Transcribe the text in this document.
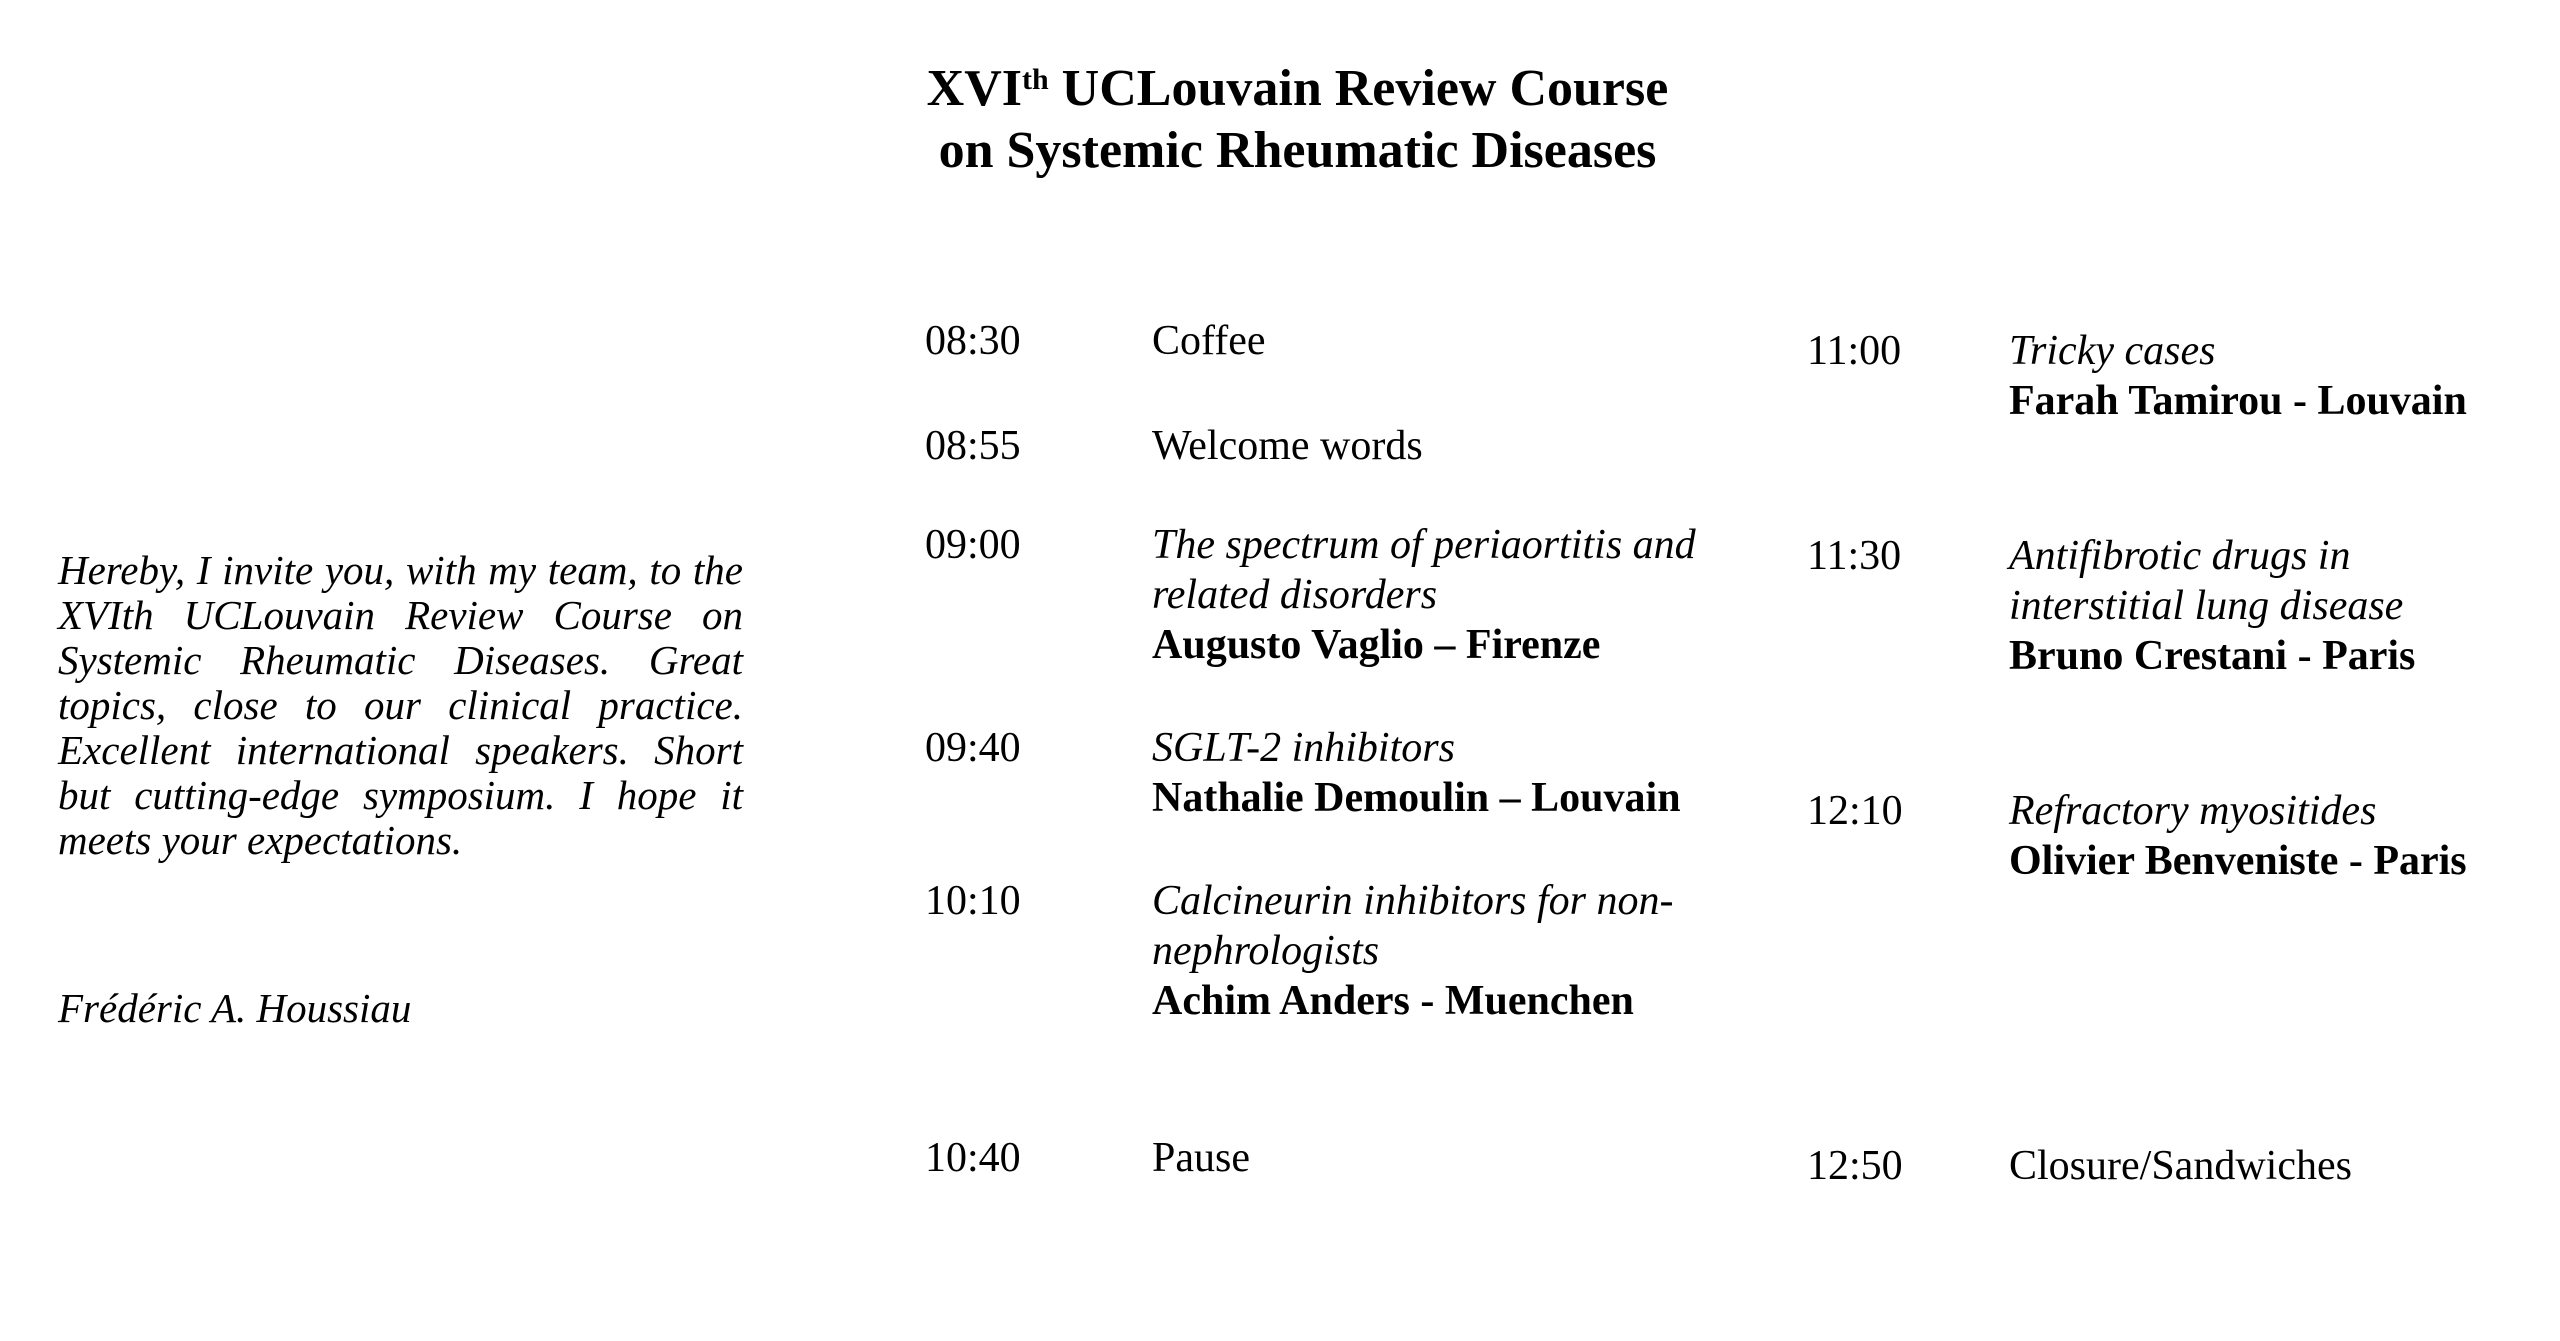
XVIth UCLouvain Review Course
on Systemic Rheumatic Diseases
Hereby, I invite you, with my team, to the
XVIth UCLouvain Review Course on
Systemic Rheumatic Diseases. Great
topics, close to our clinical practice.
Excellent international speakers. Short
but cutting-edge symposium. I hope it
meets your expectations.
Frédéric A. Houssiau
08:30	Coffee
08:55	Welcome words
09:00	The spectrum of periaortitis and related disorders
Augusto Vaglio – Firenze
09:40	SGLT-2 inhibitors
Nathalie Demoulin – Louvain
10:10	Calcineurin inhibitors for non-nephrologists
Achim Anders - Muenchen
10:40	Pause
11:00	Tricky cases
Farah Tamirou - Louvain
11:30	Antifibrotic drugs in interstitial lung disease
Bruno Crestani - Paris
12:10	Refractory myositides
Olivier Benveniste - Paris
12:50	Closure/Sandwiches
